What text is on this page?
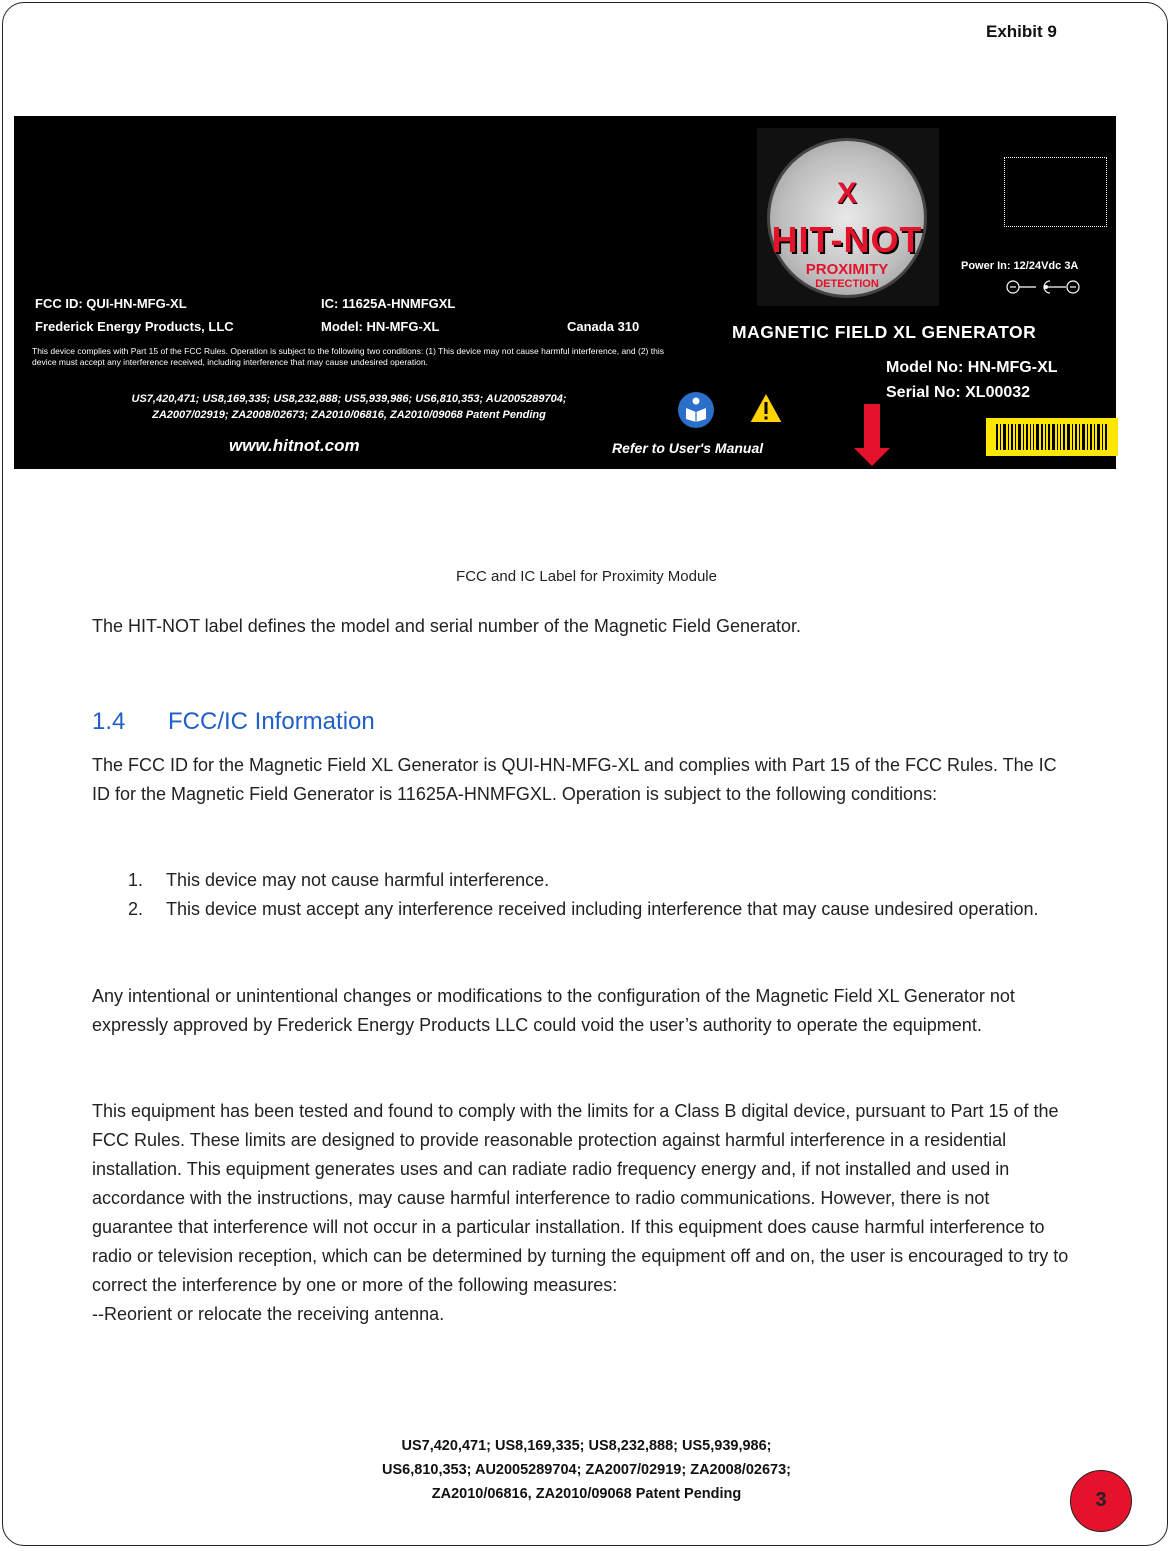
Exhibit 9
FCC ID: QUI-HN-MFG-XL	IC: 11625A-HNMFGXL
Frederick Energy Products, LLC	Model: HN-MFG-XL	Canada 310
This device complies with Part 15 of the FCC Rules. Operation is subject to the following two conditions: (1) This device may not cause harmful interference, and (2) this device must accept any interference received, including interference that may cause undesired operation.
US7,420,471; US8,169,335; US8,232,888; US5,939,986; US6,810,353; AU2005289704;
ZA2007/02919; ZA2008/02673; ZA2010/06816, ZA2010/09068 Patent Pending
www.hitnot.com	Refer to User's Manual
X
HIT-NOT
PROXIMITY
DETECTION
Power In: 12/24Vdc 3A
MAGNETIC FIELD XL GENERATOR
Model No: HN-MFG-XL
Serial No: XL00032
PWM
FCC and IC Label for Proximity Module

The HIT-NOT label defines the model and serial number of the Magnetic Field Generator.

1.4 FCC/IC Information

The FCC ID for the Magnetic Field XL Generator is QUI-HN-MFG-XL and complies with Part 15 of the FCC Rules. The IC ID for the Magnetic Field Generator is 11625A-HNMFGXL. Operation is subject to the following conditions:

1. This device may not cause harmful interference.
2. This device must accept any interference received including interference that may cause undesired operation.

Any intentional or unintentional changes or modifications to the configuration of the Magnetic Field XL Generator not expressly approved by Frederick Energy Products LLC could void the user’s authority to operate the equipment.

This equipment has been tested and found to comply with the limits for a Class B digital device, pursuant to Part 15 of the FCC Rules. These limits are designed to provide reasonable protection against harmful interference in a residential installation. This equipment generates uses and can radiate radio frequency energy and, if not installed and used in accordance with the instructions, may cause harmful interference to radio communications. However, there is not guarantee that interference will not occur in a particular installation. If this equipment does cause harmful interference to radio or television reception, which can be determined by turning the equipment off and on, the user is encouraged to try to correct the interference by one or more of the following measures:
--Reorient or relocate the receiving antenna.
US7,420,471; US8,169,335; US8,232,888; US5,939,986;
US6,810,353; AU2005289704; ZA2007/02919; ZA2008/02673;
ZA2010/06816, ZA2010/09068 Patent Pending	3
